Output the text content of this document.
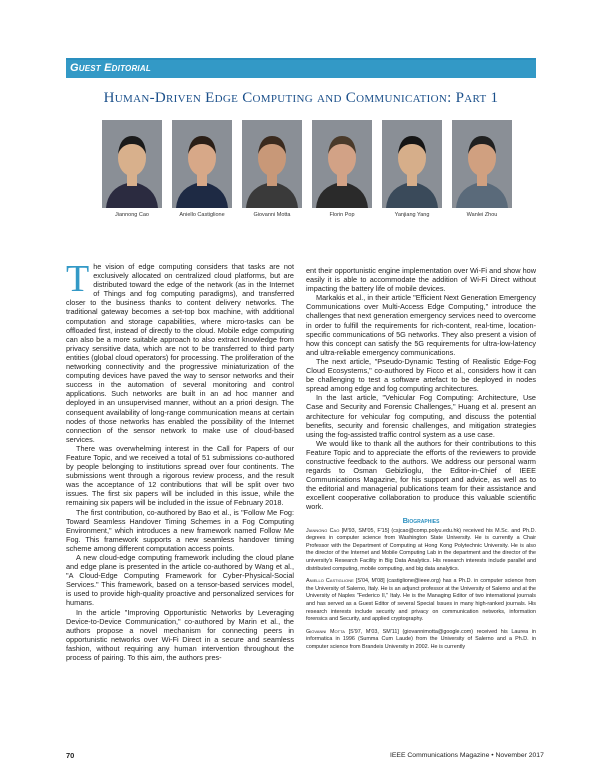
Guest Editorial
Human-Driven Edge Computing and Communication: Part 1
Jiannong Cao	Aniello Castiglione	Giovanni Motta	Florin Pop	Yanjiang Yang	Wanlei Zhou

The vision of edge computing considers that tasks are not exclusively allocated on centralized cloud platforms, but are distributed toward the edge of the network (as in the Internet of Things and fog computing paradigms), and transferred closer to the business thanks to content delivery networks. The traditional gateway becomes a set-top box machine, with additional computation and storage capabilities, where micro-tasks can be offloaded first, instead of directly to the cloud. Mobile edge computing can also be a more suitable approach to also extract knowledge from privacy sensitive data, which are not to be transferred to third party entities (global cloud operators) for processing. The proliferation of the networking connectivity and the progressive miniaturization of the computing devices have paved the way to sensor networks and their success in the automation of several monitoring and control applications. Such networks are built in an ad hoc manner and deployed in an unsupervised manner, without an a priori design. The consequent availability of long-range communication means at certain nodes of those networks has enabled the possibility of the Internet connection of the sensor network to make use of cloud-based services.

There was overwhelming interest in the Call for Papers of our Feature Topic, and we received a total of 51 submissions co-authored by people belonging to institutions spread over four continents. The submissions went through a rigorous review process, and the result was the acceptance of 12 contributions that will be split over two issues. The first six papers will be included in this issue, while the remaining six papers will be included in the issue of February 2018.

The first contribution, co-authored by Bao et al., is "Follow Me Fog: Toward Seamless Handover Timing Schemes in a Fog Computing Environment," which introduces a new framework named Follow Me Fog. This framework supports a new seamless handover timing scheme among different computation access points.

A new cloud-edge computing framework including the cloud plane and edge plane is presented in the article co-authored by Wang et al., "A Cloud-Edge Computing Framework for Cyber-Physical-Social Services." This framework, based on a tensor-based services model, is used to provide high-quality proactive and personalized services for humans.

In the article "Improving Opportunistic Networks by Leveraging Device-to-Device Communication," co-authored by Marin et al., the authors propose a novel mechanism for connecting peers in opportunistic networks over Wi-Fi Direct in a secure and seamless fashion, without requiring any human intervention throughout the process of pairing. To this aim, the authors pres-

ent their opportunistic engine implementation over Wi-Fi and show how easily it is able to accommodate the addition of Wi-Fi Direct without impacting the battery life of mobile devices.

Markakis et al., in their article "Efficient Next Generation Emergency Communications over Multi-Access Edge Computing," introduce the challenges that next generation emergency services need to overcome in order to fulfill the requirements for rich-content, real-time, location-specific communications of 5G networks. They also present a vision of how this concept can satisfy the 5G requirements for ultra-low-latency and ultra-reliable emergency communications.

The next article, "Pseudo-Dynamic Testing of Realistic Edge-Fog Cloud Ecosystems," co-authored by Ficco et al., considers how it can be challenging to test a software artefact to be deployed in nodes spread among edge and fog computing architectures.

In the last article, "Vehicular Fog Computing: Architecture, Use Case and Security and Forensic Challenges," Huang et al. present an architecture for vehicular fog computing, and discuss the potential benefits, security and forensic challenges, and mitigation strategies using the fog-assisted traffic control system as a use case.

We would like to thank all the authors for their contributions to this Feature Topic and to appreciate the efforts of the reviewers to provide constructive feedback to the authors. We address our personal warm regards to Osman Gebizlioglu, the Editor-in-Chief of IEEE Communications Magazine, for his support and advice, as well as to the editorial and managerial publications team for their assistance and excellent cooperative collaboration to produce this valuable scientific work.

Biographies

Jiannong Cao [M'93, SM'05, F'15] (csjcao@comp.polyu.edu.hk) received his M.Sc. and Ph.D. degrees in computer science from Washington State University. He is currently a Chair Professor with the Department of Computing at Hong Kong Polytechnic University. He is also the director of the Internet and Mobile Computing Lab in the department and the director of the university's Research Facility in Big Data Analytics. His research interests include parallel and distributed computing, mobile computing, and big data analytics.

Aniello Castiglione [S'04, M'08] (castiglione@ieee.org) has a Ph.D. in computer science from the University of Salerno, Italy. He is an adjunct professor at the University of Salerno and at the University of Naples "Federico II," Italy. He is the Managing Editor of two international journals and has served as a Guest Editor of several Special Issues in many high-ranked journals. His research interests include security and privacy on communication networks, information forensics and Security, and applied cryptography.

Giovanni Motta [S'97, M'03, SM'11] (giovannimotta@google.com) received his Laurea in informatica in 1996 (Summa Cum Laude) from the University of Salerno and a Ph.D. in computer science from Brandeis University in 2002. He is currently

70	IEEE Communications Magazine • November 2017
